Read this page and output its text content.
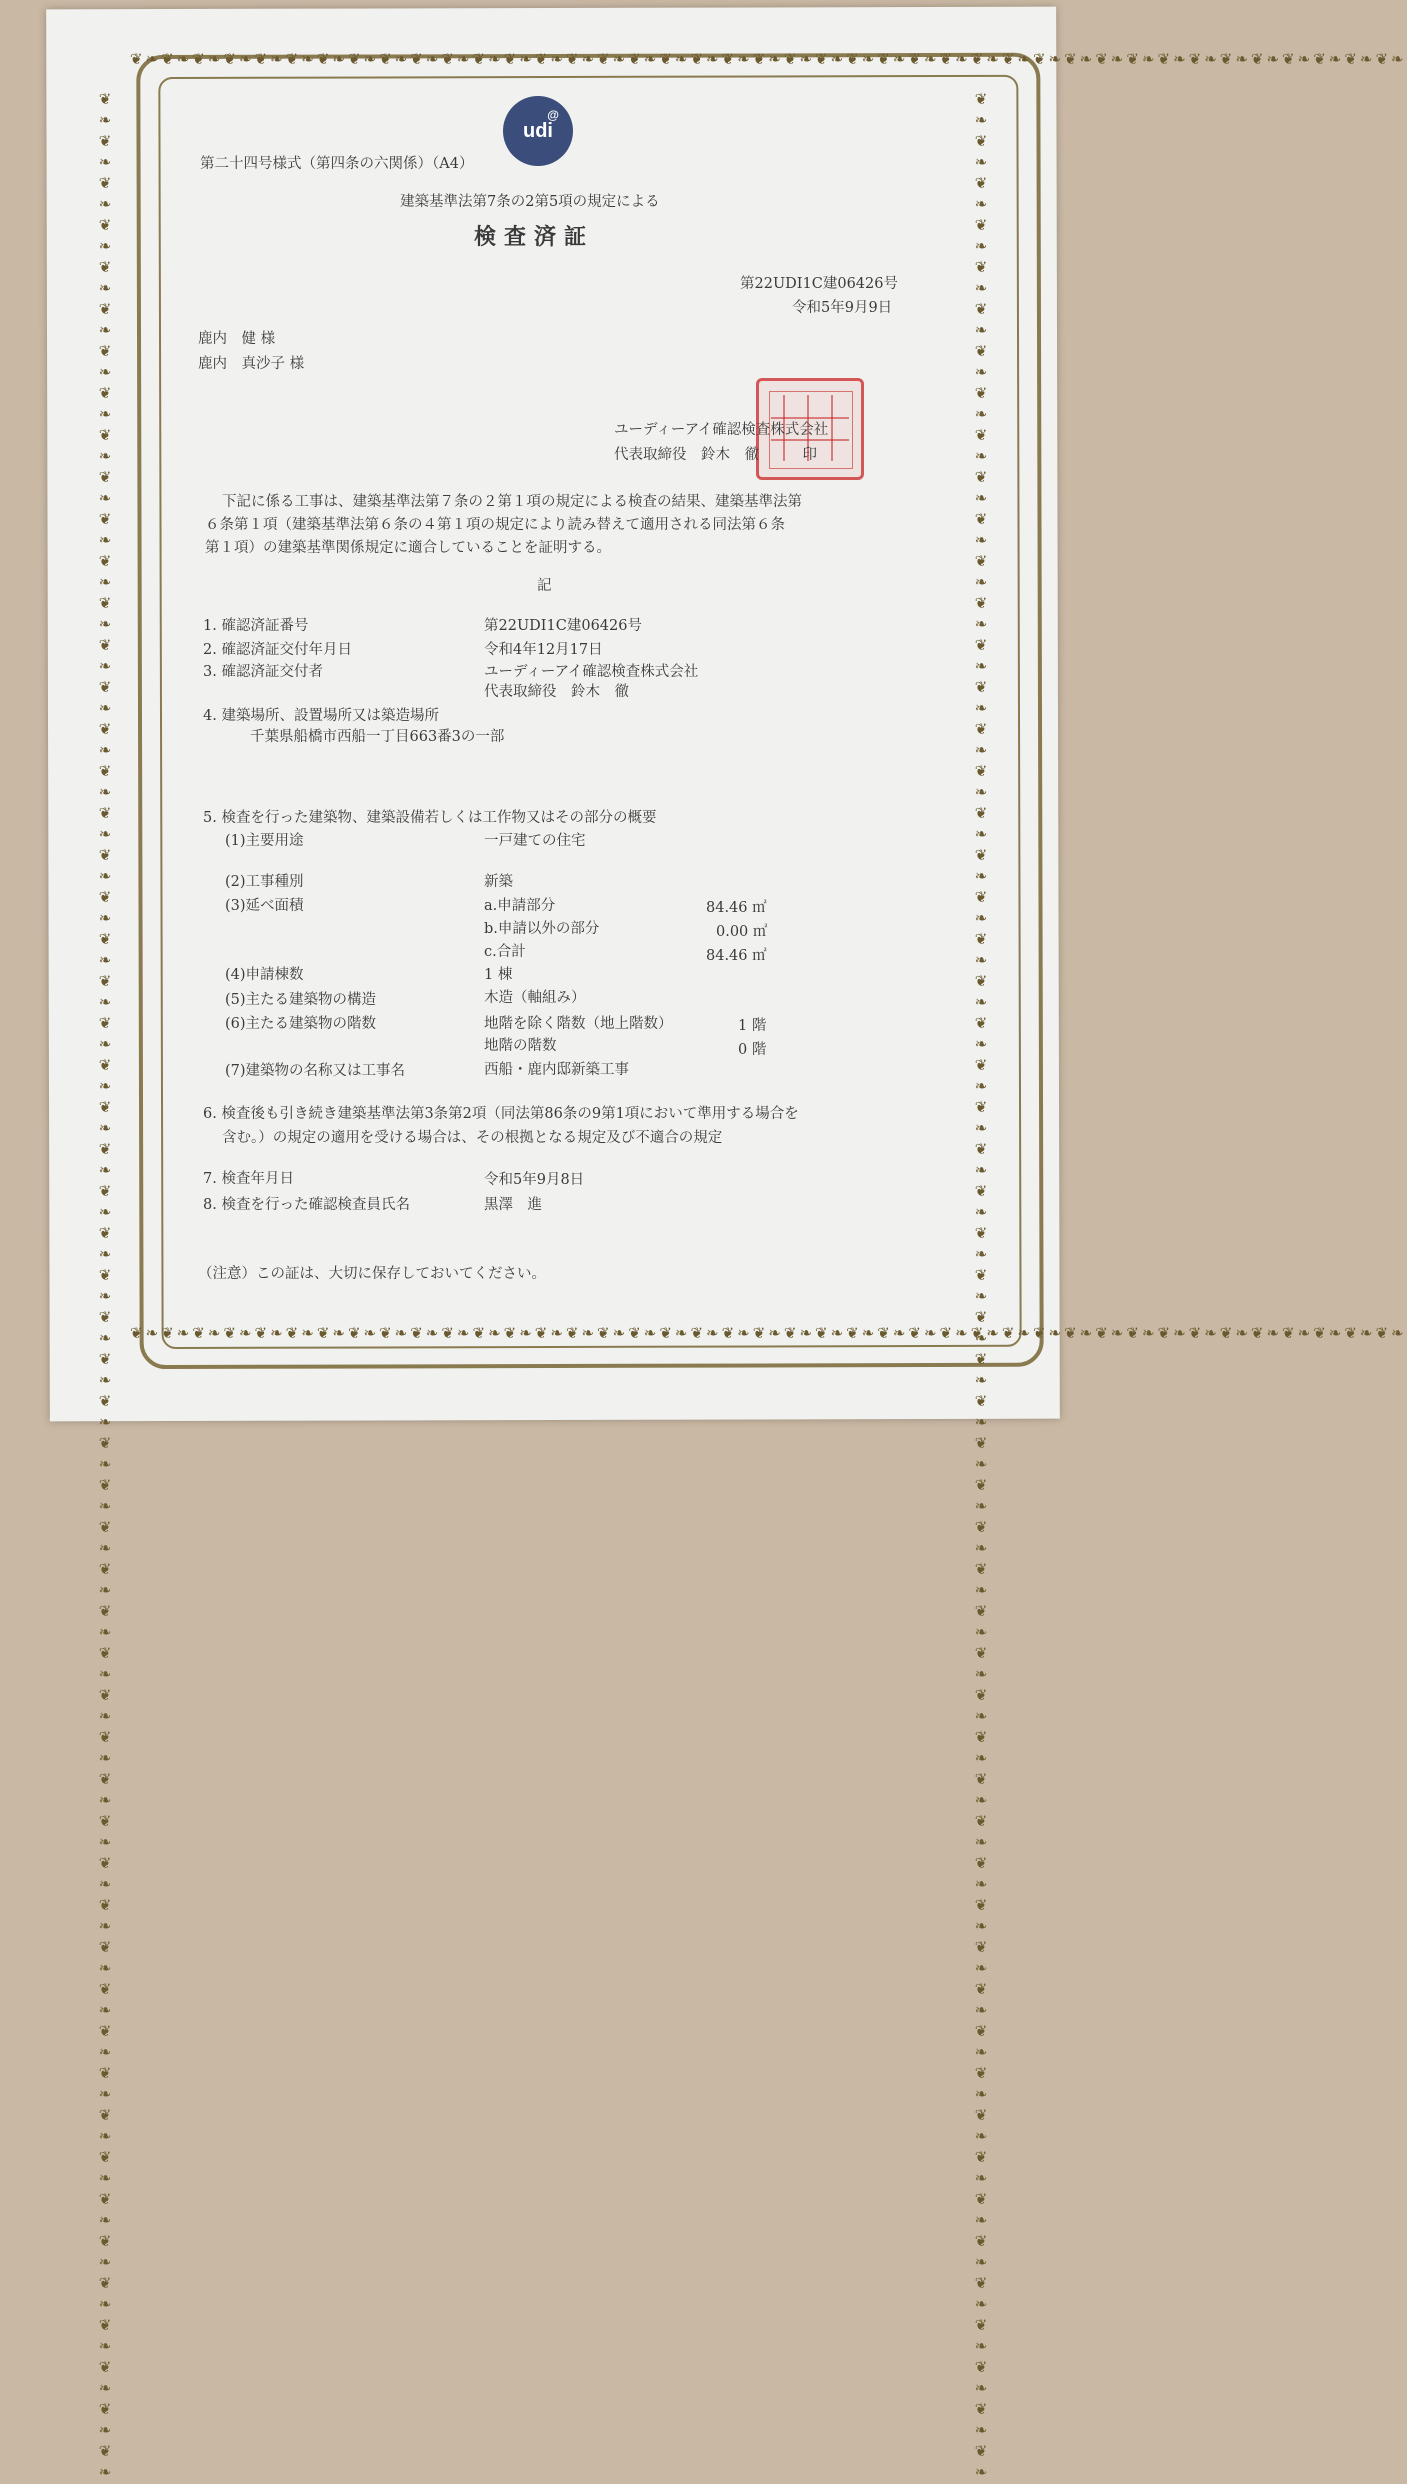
❦❧❦❧❦❧❦❧❦❧❦❧❦❧❦❧❦❧❦❧❦❧❦❧❦❧❦❧❦❧❦❧❦❧❦❧❦❧❦❧❦❧❦❧❦❧❦❧❦❧❦❧❦❧❦❧❦❧❦❧❦❧❦❧❦❧❦❧❦❧❦❧❦❧❦❧❦❧❦❧❦❧
❦❧❦❧❦❧❦❧❦❧❦❧❦❧❦❧❦❧❦❧❦❧❦❧❦❧❦❧❦❧❦❧❦❧❦❧❦❧❦❧❦❧❦❧❦❧❦❧❦❧❦❧❦❧❦❧❦❧❦❧❦❧❦❧❦❧❦❧❦❧❦❧❦❧❦❧❦❧❦❧❦❧
❦❧❦❧❦❧❦❧❦❧❦❧❦❧❦❧❦❧❦❧❦❧❦❧❦❧❦❧❦❧❦❧❦❧❦❧❦❧❦❧❦❧❦❧❦❧❦❧❦❧❦❧❦❧❦❧❦❧❦❧❦❧❦❧❦❧❦❧❦❧❦❧❦❧❦❧❦❧❦❧❦❧❦❧❦❧❦❧❦❧❦❧❦❧❦❧❦❧❦❧❦❧❦❧❦❧❦❧❦❧❦❧❦❧	❦❧❦❧❦❧❦❧❦❧❦❧❦❧❦❧❦❧❦❧❦❧❦❧❦❧❦❧❦❧❦❧❦❧❦❧❦❧❦❧❦❧❦❧❦❧❦❧❦❧❦❧❦❧❦❧❦❧❦❧❦❧❦❧❦❧❦❧❦❧❦❧❦❧❦❧❦❧❦❧❦❧❦❧❦❧❦❧❦❧❦❧❦❧❦❧❦❧❦❧❦❧❦❧❦❧❦❧❦❧❦❧❦❧
@
udi
第二十四号様式（第四条の六関係）（A4）
建築基準法第7条の2第5項の規定による
検査済証
第22UDI1C建06426号
令和5年9月9日
鹿内　健 様
鹿内　真沙子 様
ユーディーアイ確認検査株式会社
代表取締役　鈴木　徹　　　印
下記に係る工事は、建築基準法第７条の２第１項の規定による検査の結果、建築基準法第
６条第１項（建築基準法第６条の４第１項の規定により読み替えて適用される同法第６条
第１項）の建築基準関係規定に適合していることを証明する。
記
1. 確認済証番号	第22UDI1C建06426号
2. 確認済証交付年月日	令和4年12月17日
3. 確認済証交付者	ユーディーアイ確認検査株式会社
代表取締役　鈴木　徹
4. 建築場所、設置場所又は築造場所
千葉県船橋市西船一丁目663番3の一部
5. 検査を行った建築物、建築設備若しくは工作物又はその部分の概要
(1)主要用途	一戸建ての住宅
(2)工事種別	新築
(3)延べ面積	a.申請部分	84.46 ㎡
b.申請以外の部分	0.00 ㎡
c.合計	84.46 ㎡
(4)申請棟数	1 棟
(5)主たる建築物の構造	木造（軸組み）
(6)主たる建築物の階数	地階を除く階数（地上階数）	1 階
地階の階数	0 階
(7)建築物の名称又は工事名	西船・鹿内邸新築工事
6. 検査後も引き続き建築基準法第3条第2項（同法第86条の9第1項において準用する場合を
含む。）の規定の適用を受ける場合は、その根拠となる規定及び不適合の規定
7. 検査年月日	令和5年9月8日
8. 検査を行った確認検査員氏名	黒澤　進
（注意）この証は、大切に保存しておいてください。
